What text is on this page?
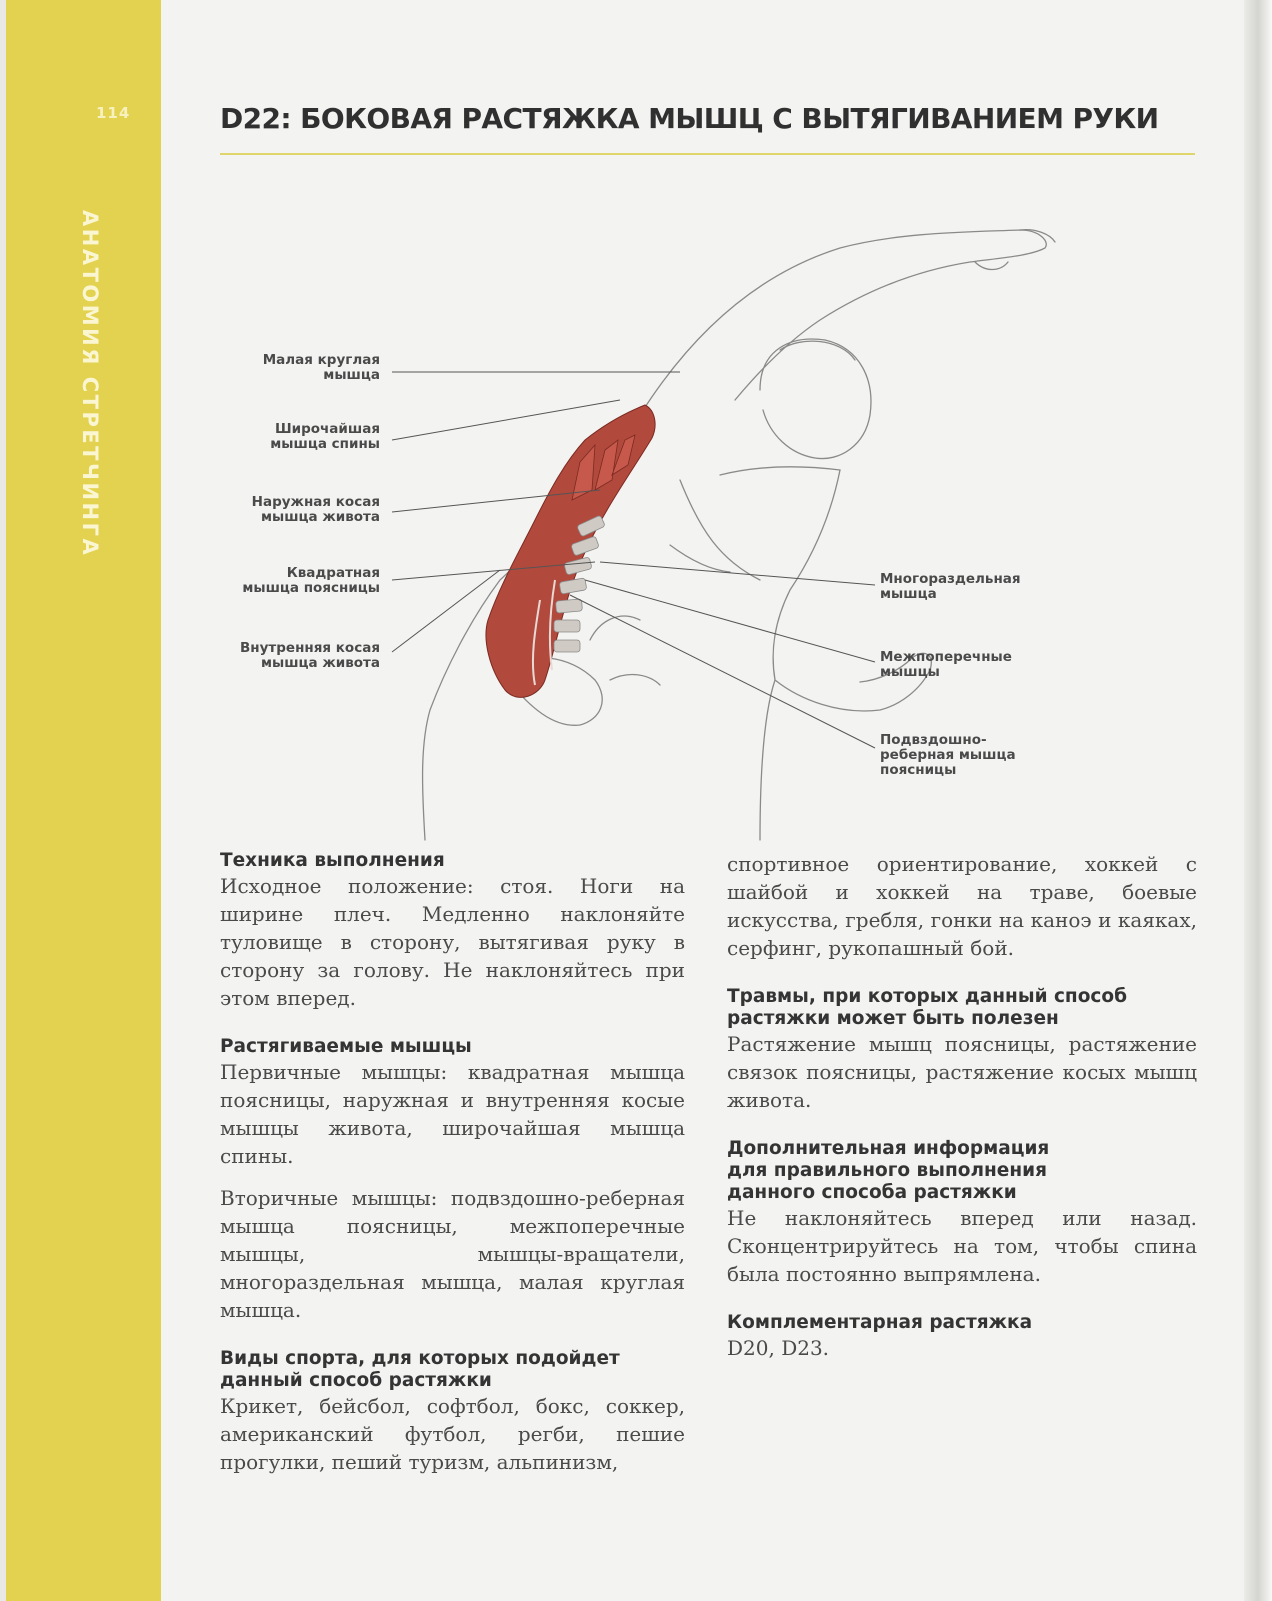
114
АНАТОМИЯ СТРЕТЧИНГА
D22: БОКОВАЯ РАСТЯЖКА МЫШЦ С ВЫТЯГИВАНИЕМ РУКИ
Малая круглая
мышца
Широчайшая
мышца спины
Наружная косая
мышца живота
Квадратная
мышца поясницы
Внутренняя косая
мышца живота
Многораздельная
мышца
Межпоперечные
мышцы
Подвздошно-
реберная мышца
поясницы
Техника выполнения

Исходное положение: стоя. Ноги на ширине плеч. Медленно наклоняйте туловище в сторону, вытягивая руку в сторону за голову. Не наклоняйтесь при этом вперед.

Растягиваемые мышцы

Первичные мышцы: квадратная мышца поясницы, наружная и внутренняя косые мышцы живота, широчайшая мышца спины.

Вторичные мышцы: подвздошно-реберная мышца поясницы, межпоперечные мышцы, мышцы-вращатели, многораздельная мышца, малая круглая мышца.

Виды спорта, для которых подойдет
данный способ растяжки

Крикет, бейсбол, софтбол, бокс, соккер, американский футбол, регби, пешие прогулки, пеший туризм, альпинизм,

спортивное ориентирование, хоккей с шайбой и хоккей на траве, боевые искусства, гребля, гонки на каноэ и каяках, серфинг, рукопашный бой.

Травмы, при которых данный способ
растяжки может быть полезен

Растяжение мышц поясницы, растяжение связок поясницы, растяжение косых мышц живота.

Дополнительная информация
для правильного выполнения
данного способа растяжки

Не наклоняйтесь вперед или назад. Сконцентрируйтесь на том, чтобы спина была постоянно выпрямлена.

Комплементарная растяжка

D20, D23.
